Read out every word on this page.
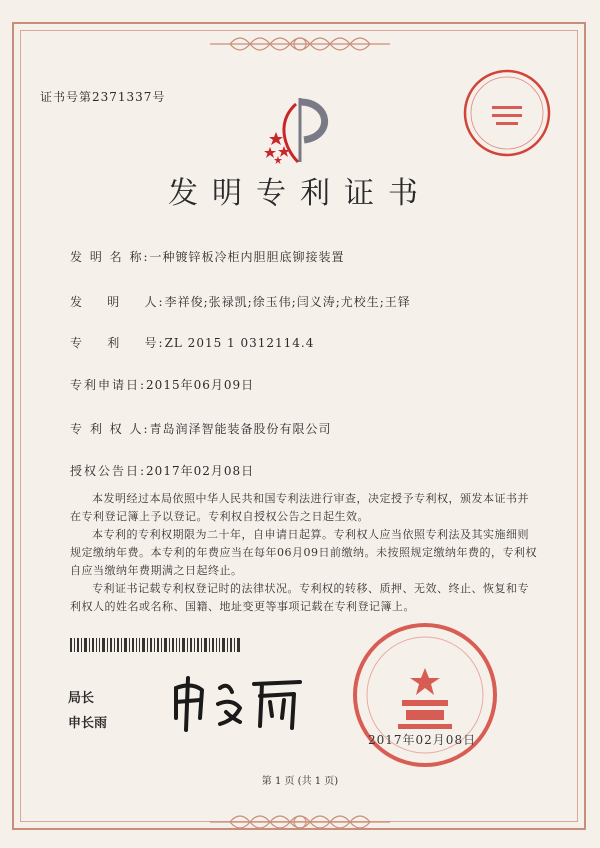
证书号第2371337号
发明专利证书
发 明 名 称:一种镀锌板冷柜内胆胆底铆接装置
发    明    人:李祥俊;张禄凯;徐玉伟;闫义涛;尤校生;王铎
专    利    号:ZL 2015 1 0312114.4
专利申请日:2015年06月09日
专 利 权 人:青岛润泽智能装备股份有限公司
授权公告日:2017年02月08日

本发明经过本局依照中华人民共和国专利法进行审查，决定授予专利权，颁发本证书并在专利登记簿上予以登记。专利权自授权公告之日起生效。

本专利的专利权期限为二十年，自申请日起算。专利权人应当依照专利法及其实施细则规定缴纳年费。本专利的年费应当在每年06月09日前缴纳。未按照规定缴纳年费的，专利权自应当缴纳年费期满之日起终止。

专利证书记载专利权登记时的法律状况。专利权的转移、质押、无效、终止、恢复和专利权人的姓名或名称、国籍、地址变更等事项记载在专利登记簿上。

局长
申长雨
2017年02月08日
第 1 页 (共 1 页)
